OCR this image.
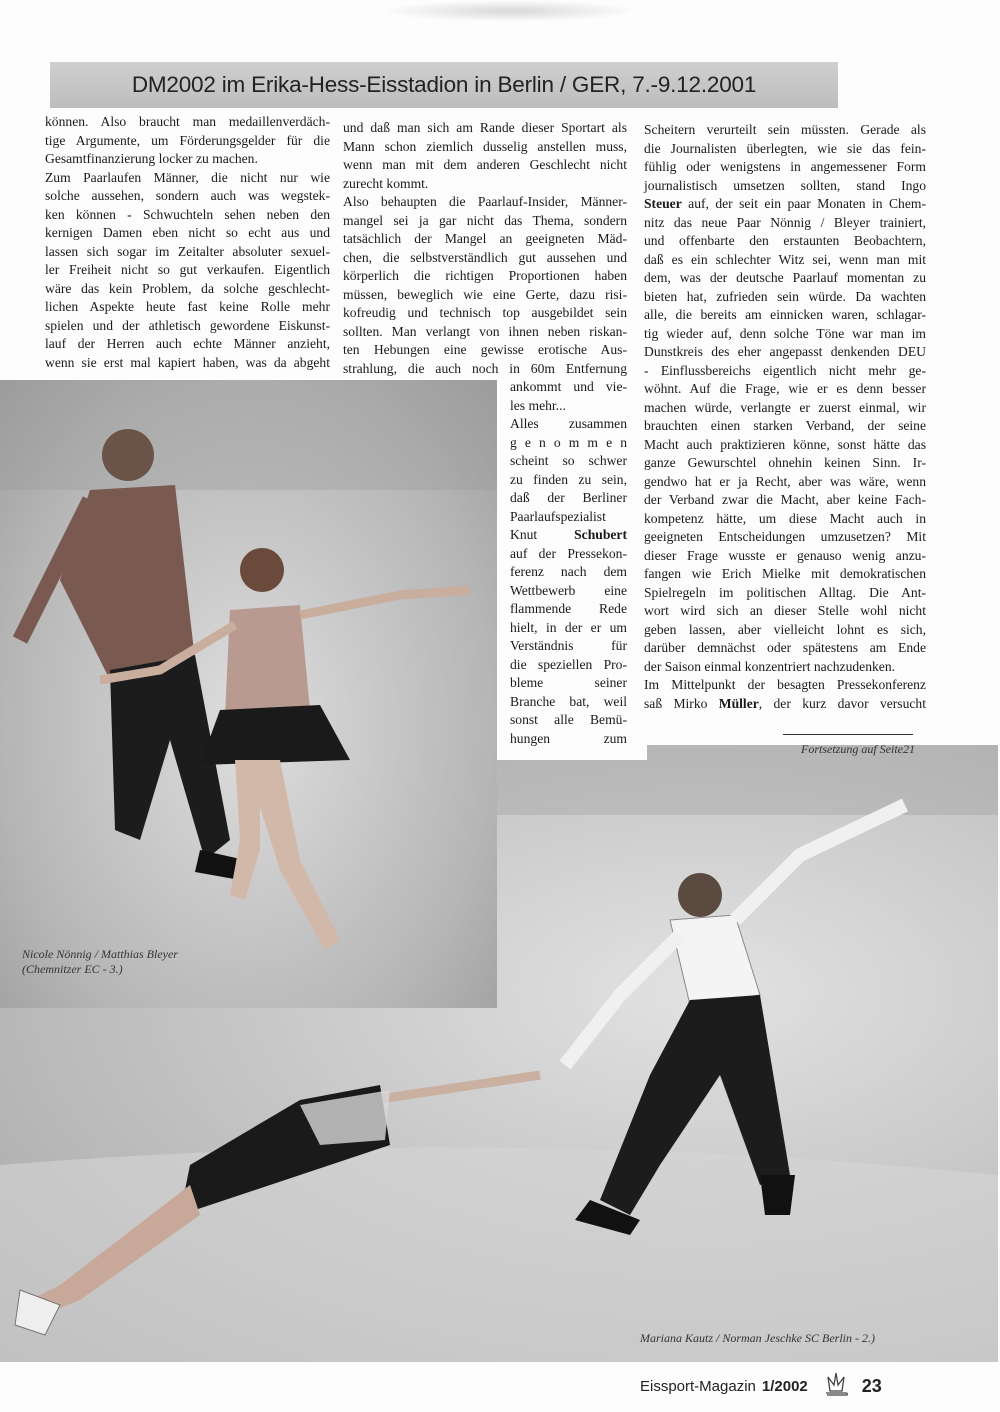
DM2002 im Erika-Hess-Eisstadion in Berlin / GER, 7.-9.12.2001
können. Also braucht man medaillenverdäch-
tige Argumente, um Förderungsgelder für die
Gesamtfinanzierung locker zu machen.
Zum Paarlaufen Männer, die nicht nur wie
solche aussehen, sondern auch was wegstek-
ken können - Schwuchteln sehen neben den
kernigen Damen eben nicht so echt aus und
lassen sich sogar im Zeitalter absoluter sexuel-
ler Freiheit nicht so gut verkaufen. Eigentlich
wäre das kein Problem, da solche geschlecht-
lichen Aspekte heute fast keine Rolle mehr
spielen und der athletisch gewordene Eiskunst-
lauf der Herren auch echte Männer anzieht,
wenn sie erst mal kapiert haben, was da abgeht
und daß man sich am Rande dieser Sportart als
Mann schon ziemlich dusselig anstellen muss,
wenn man mit dem anderen Geschlecht nicht
zurecht kommt.
Also behaupten die Paarlauf-Insider, Männer-
mangel sei ja gar nicht das Thema, sondern
tatsächlich der Mangel an geeigneten Mäd-
chen, die selbstverständlich gut aussehen und
körperlich die richtigen Proportionen haben
müssen, beweglich wie eine Gerte, dazu risi-
kofreudig und technisch top ausgebildet sein
sollten. Man verlangt von ihnen neben riskan-
ten Hebungen eine gewisse erotische Aus-
strahlung, die auch noch in 60m Entfernung
ankommt und vie-
les mehr...
Alles zusammen
g e n o m m e n
scheint so schwer
zu finden zu sein,
daß der Berliner
Paarlaufspezialist
Knut Schubert
auf der Pressekon-
ferenz nach dem
Wettbewerb eine
flammende Rede
hielt, in der er um
Verständnis für
die speziellen Pro-
bleme seiner
Branche bat, weil
sonst alle Bemü-
hungen zum
Scheitern verurteilt sein müssten. Gerade als
die Journalisten überlegten, wie sie das fein-
fühlig oder wenigstens in angemessener Form
journalistisch umsetzen sollten, stand Ingo
Steuer auf, der seit ein paar Monaten in Chem-
nitz das neue Paar Nönnig / Bleyer trainiert,
und offenbarte den erstaunten Beobachtern,
daß es ein schlechter Witz sei, wenn man mit
dem, was der deutsche Paarlauf momentan zu
bieten hat, zufrieden sein würde. Da wachten
alle, die bereits am einnicken waren, schlagar-
tig wieder auf, denn solche Töne war man im
Dunstkreis des eher angepasst denkenden DEU
- Einflussbereichs eigentlich nicht mehr ge-
wöhnt. Auf die Frage, wie er es denn besser
machen würde, verlangte er zuerst einmal, wir
brauchten einen starken Verband, der seine
Macht auch praktizieren könne, sonst hätte das
ganze Gewurschtel ohnehin keinen Sinn. Ir-
gendwo hat er ja Recht, aber was wäre, wenn
der Verband zwar die Macht, aber keine Fach-
kompetenz hätte, um diese Macht auch in
geeigneten Entscheidungen umzusetzen? Mit
dieser Frage wusste er genauso wenig anzu-
fangen wie Erich Mielke mit demokratischen
Spielregeln im politischen Alltag. Die Ant-
wort wird sich an dieser Stelle wohl nicht
geben lassen, aber vielleicht lohnt es sich,
darüber demnächst oder spätestens am Ende
der Saison einmal konzentriert nachzudenken.
Im Mittelpunkt der besagten Pressekonferenz
saß Mirko Müller, der kurz davor versucht
Mariana Kautz / Norman Jeschke SC Berlin - 2.)
Nicole Nönnig / Matthias Bleyer
(Chemnitzer EC - 3.)
Fortsetzung auf Seite21
Eissport-Magazin 1/2002	23
